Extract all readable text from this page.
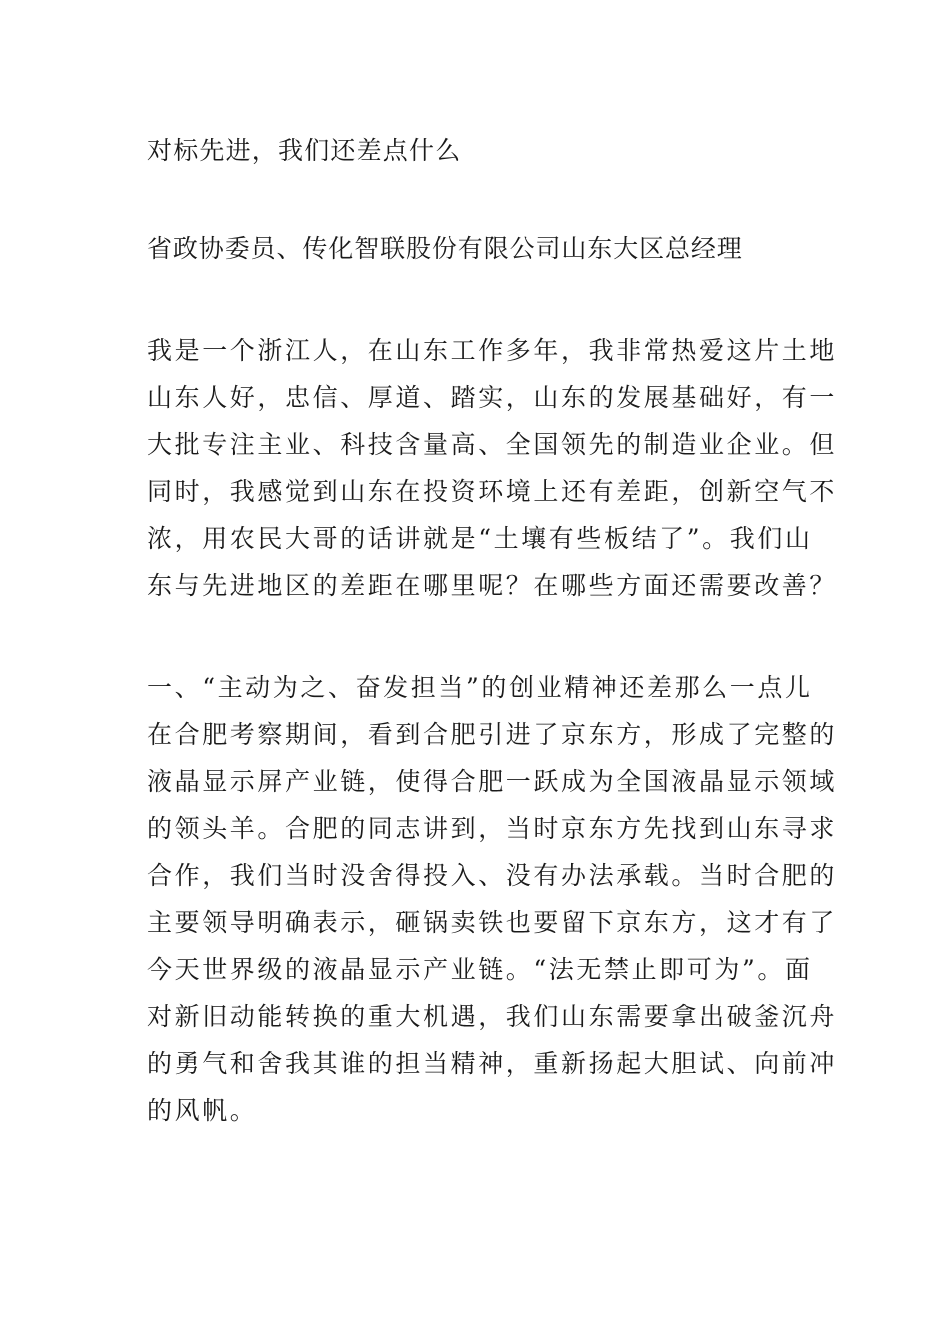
对标先进，我们还差点什么
省政协委员、传化智联股份有限公司山东大区总经理
我是一个浙江人，在山东工作多年，我非常热爱这片土地
山东人好，忠信、厚道、踏实，山东的发展基础好，有一
大批专注主业、科技含量高、全国领先的制造业企业。但
同时，我感觉到山东在投资环境上还有差距，创新空气不
浓，用农民大哥的话讲就是“土壤有些板结了”。我们山
东与先进地区的差距在哪里呢？在哪些方面还需要改善？
一、“主动为之、奋发担当”的创业精神还差那么一点儿
在合肥考察期间，看到合肥引进了京东方，形成了完整的
液晶显示屏产业链，使得合肥一跃成为全国液晶显示领域
的领头羊。合肥的同志讲到，当时京东方先找到山东寻求
合作，我们当时没舍得投入、没有办法承载。当时合肥的
主要领导明确表示，砸锅卖铁也要留下京东方，这才有了
今天世界级的液晶显示产业链。“法无禁止即可为”。面
对新旧动能转换的重大机遇，我们山东需要拿出破釜沉舟
的勇气和舍我其谁的担当精神，重新扬起大胆试、向前冲
的风帆。
